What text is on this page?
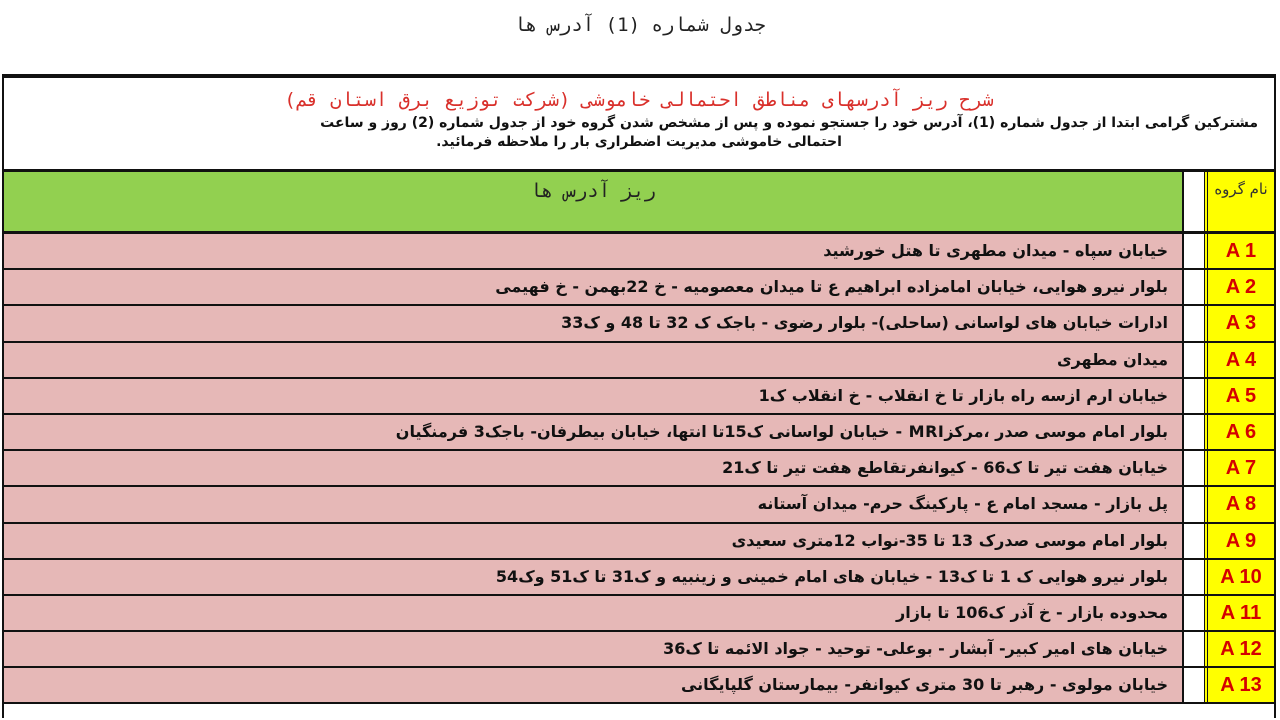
جدول شماره (1) آدرس ها
شرح ریز آدرسهای مناطق احتمالی خاموشی (شرکت توزیع برق استان قم)
مشترکین گرامی ابتدا از جدول شماره (1)، آدرس خود را جستجو نموده و پس از مشخص شدن گروه خود از جدول شماره (2) روز و ساعت
احتمالی خاموشی مدیریت اضطراری بار را ملاحظه فرمائید.
نام گروه
ریز آدرس ها
A 1
خیابان سپاه - میدان مطهری تا هتل خورشید
A 2
بلوار نیرو هوایی، خیابان امامزاده ابراهیم ع تا میدان معصومیه - خ 22بهمن - خ فهیمی
A 3
ادارات خیابان های لواسانی (ساحلی)- بلوار رضوی - باجک ک 32 تا 48 و ک33
A 4
میدان مطهری
A 5
خیابان ارم ازسه راه بازار تا خ انقلاب - خ انقلاب ک1
A 6
بلوار امام موسی صدر ،مرکزMRI - خیابان لواسانی ک15تا انتها، خیابان بیطرفان- باجک3 فرمنگیان
A 7
خیابان هفت تیر تا ک66 - کیوانفرتقاطع هفت تیر تا ک21
A 8
پل بازار - مسجد امام ع - پارکینگ حرم- میدان آستانه
A 9
بلوار امام موسی صدرک 13 تا 35-نواب 12متری سعیدی
A 10
بلوار نیرو هوایی ک 1 تا ک13 - خیابان های امام خمینی و زینبیه و ک31 تا ک51 وک54
A 11
محدوده بازار - خ آذر ک106 تا بازار
A 12
خیابان های امیر کبیر- آبشار - بوعلی- توحید - جواد الائمه تا ک36
A 13
خیابان مولوی - رهبر تا 30 متری کیوانفر- بیمارستان گلپایگانی
